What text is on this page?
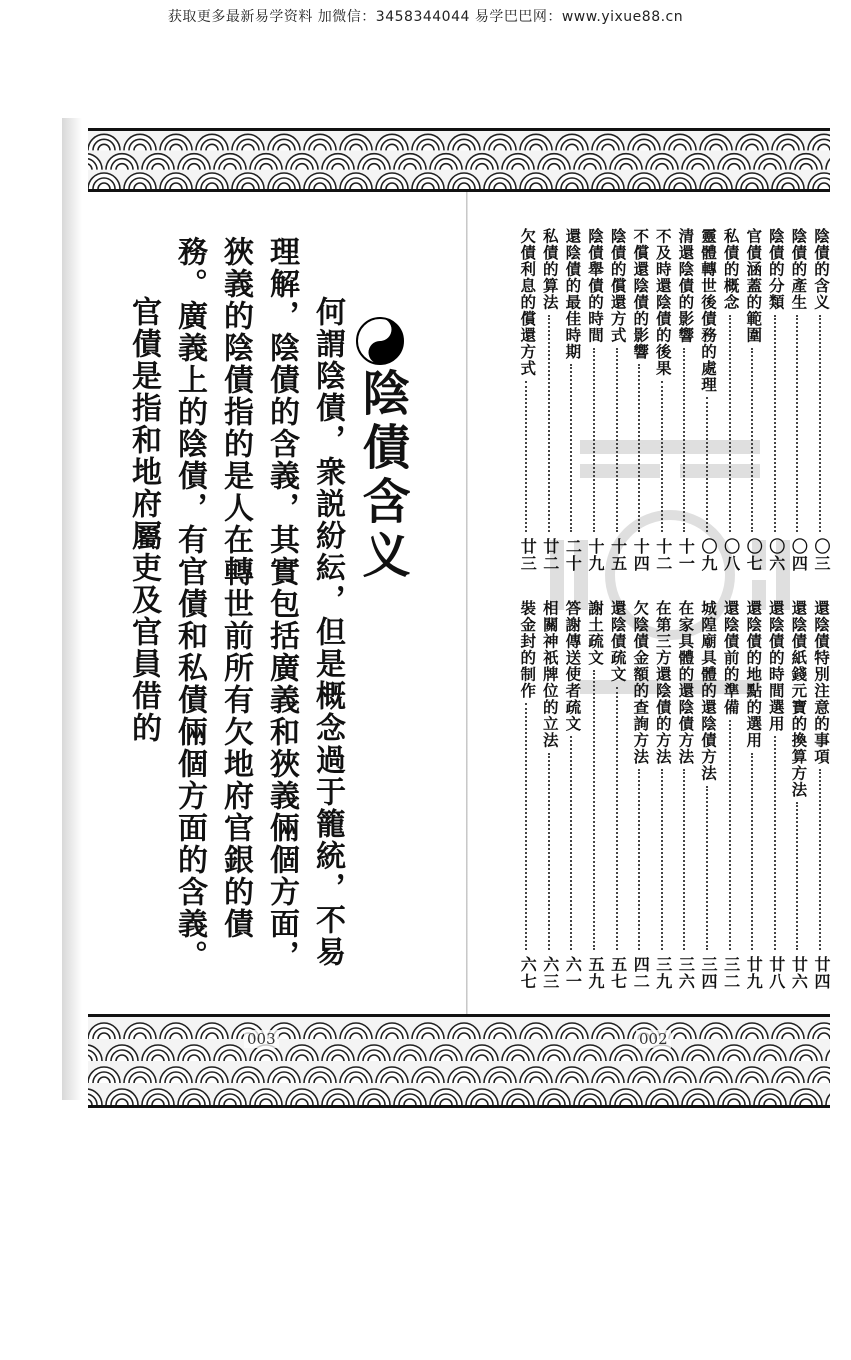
获取更多最新易学资料 加微信：3458344044 易学巴巴网：www.yixue88.cn
003	002
陰債含义

何謂陰債，衆説紛紜，但是概念過于籠統，不易理解，陰債的含義，其實包括廣義和狹義倆個方面，狹義的陰債指的是人在轉世前所有欠地府官銀的債務。廣義上的陰債，有官債和私債倆個方面的含義。

官債是指和地府屬吏及官員借的

陰債的含义
〇三
陰債的產生
〇四
陰債的分類
〇六
官債涵蓋的範圍
〇七
私債的概念
〇八
靈體轉世後債務的處理
〇九
清還陰債的影響
十一
不及時還陰債的後果
十二
不償還陰債的影響
十四
陰債的償還方式
十五
陰債舉債的時間
十九
還陰債的最佳時期
二十
私債的算法
廿二
欠債利息的償還方式
廿三
還陰債特別注意的事項
廿四
還陰債紙錢元寶的換算方法
廿六
還陰債的時間選用
廿八
還陰債的地點的選用
廿九
還陰債前的準備
三二
城隍廟具體的還陰債方法
三四
在家具體的還陰債方法
三六
在第三方還陰債的方法
三九
欠陰債金額的查詢方法
四二
還陰債疏文
五七
謝土疏文
五九
答謝傳送使者疏文
六一
相關神祇牌位的立法
六三
裝金封的制作
六七
